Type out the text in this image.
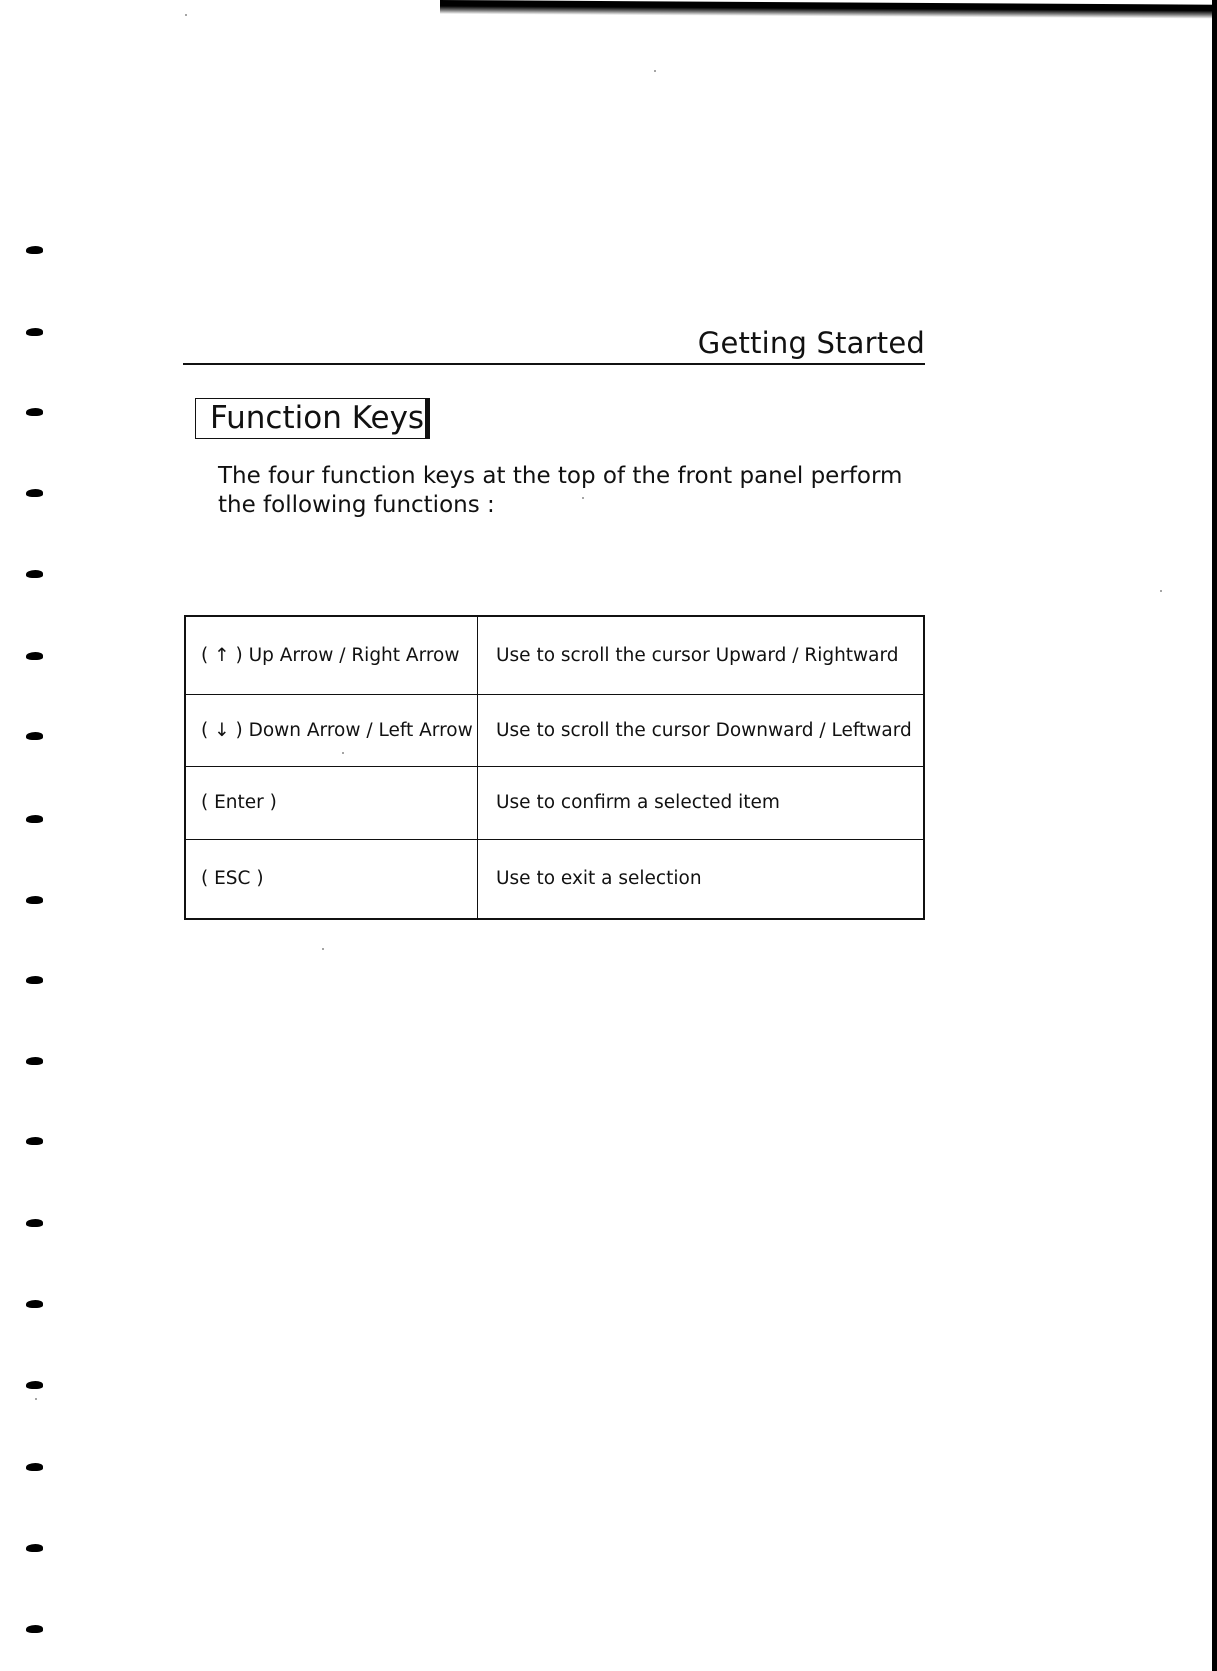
Getting Started
Function Keys

The four function keys at the top of the front panel perform the following functions :

( ↑ ) Up Arrow / Right Arrow	Use to scroll the cursor Upward / Rightward
( ↓ ) Down Arrow / Left Arrow	Use to scroll the cursor Downward / Leftward
( Enter )	Use to confirm a selected item
( ESC )	Use to exit a selection
